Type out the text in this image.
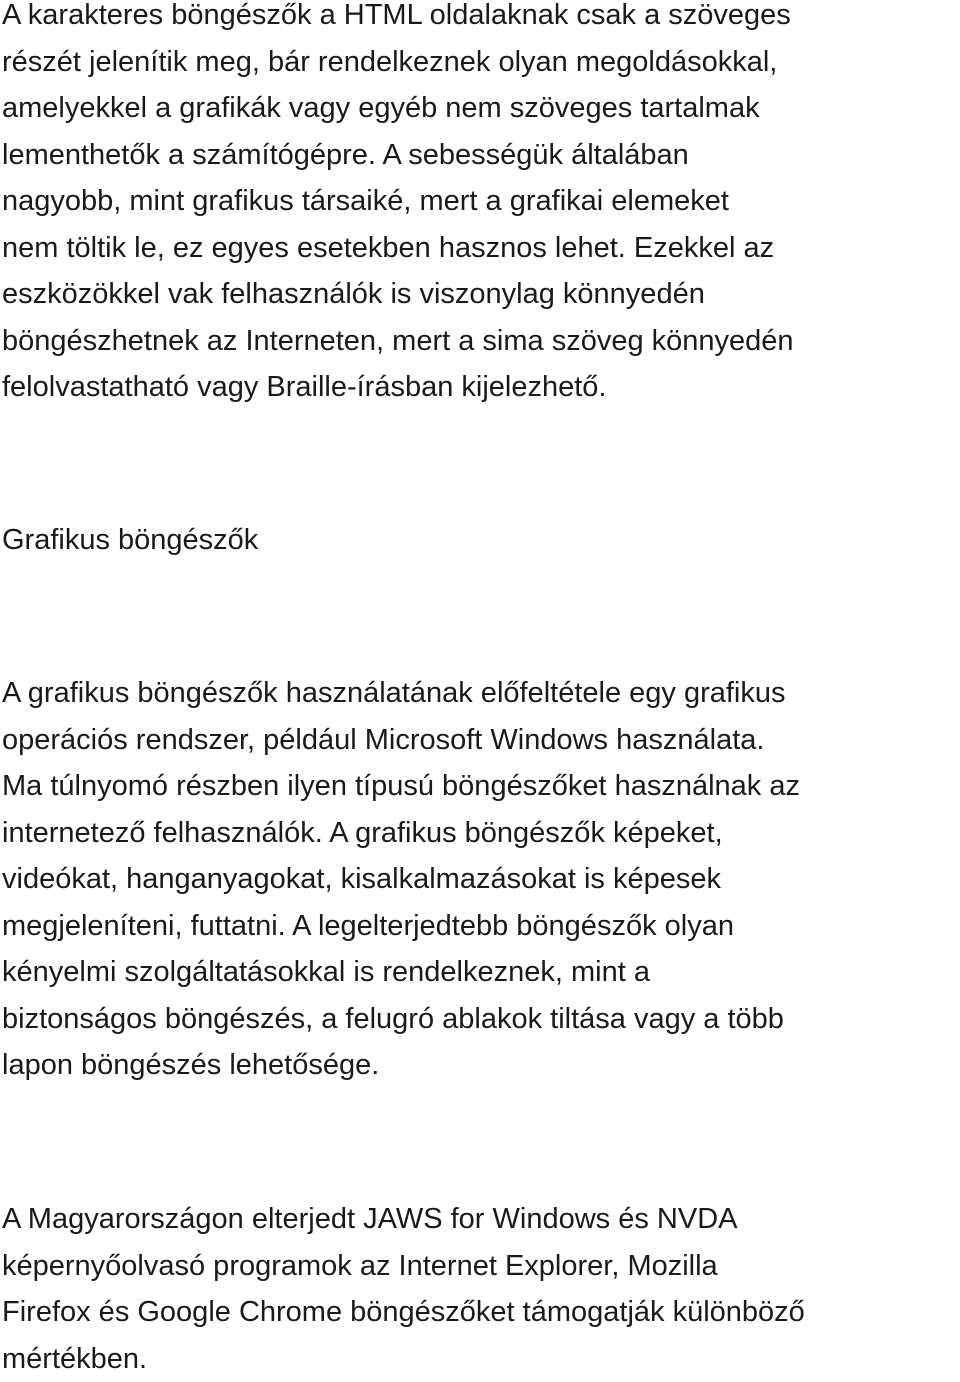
A karakteres böngészők a HTML oldalaknak csak a szöveges
részét jelenítik meg, bár rendelkeznek olyan megoldásokkal,
amelyekkel a grafikák vagy egyéb nem szöveges tartalmak
lementhetők a számítógépre. A sebességük általában
nagyobb, mint grafikus társaiké, mert a grafikai elemeket
nem töltik le, ez egyes esetekben hasznos lehet. Ezekkel az
eszközökkel vak felhasználók is viszonylag könnyedén
böngészhetnek az Interneten, mert a sima szöveg könnyedén
felolvastatható vagy Braille-írásban kijelezhető.
Grafikus böngészők
A grafikus böngészők használatának előfeltétele egy grafikus
operációs rendszer, például Microsoft Windows használata.
Ma túlnyomó részben ilyen típusú böngészőket használnak az
internetező felhasználók. A grafikus böngészők képeket,
videókat, hanganyagokat, kisalkalmazásokat is képesek
megjeleníteni, futtatni. A legelterjedtebb böngészők olyan
kényelmi szolgáltatásokkal is rendelkeznek, mint a
biztonságos böngészés, a felugró ablakok tiltása vagy a több
lapon böngészés lehetősége.
A Magyarországon elterjedt JAWS for Windows és NVDA
képernyőolvasó programok az Internet Explorer, Mozilla
Firefox és Google Chrome böngészőket támogatják különböző
mértékben.
